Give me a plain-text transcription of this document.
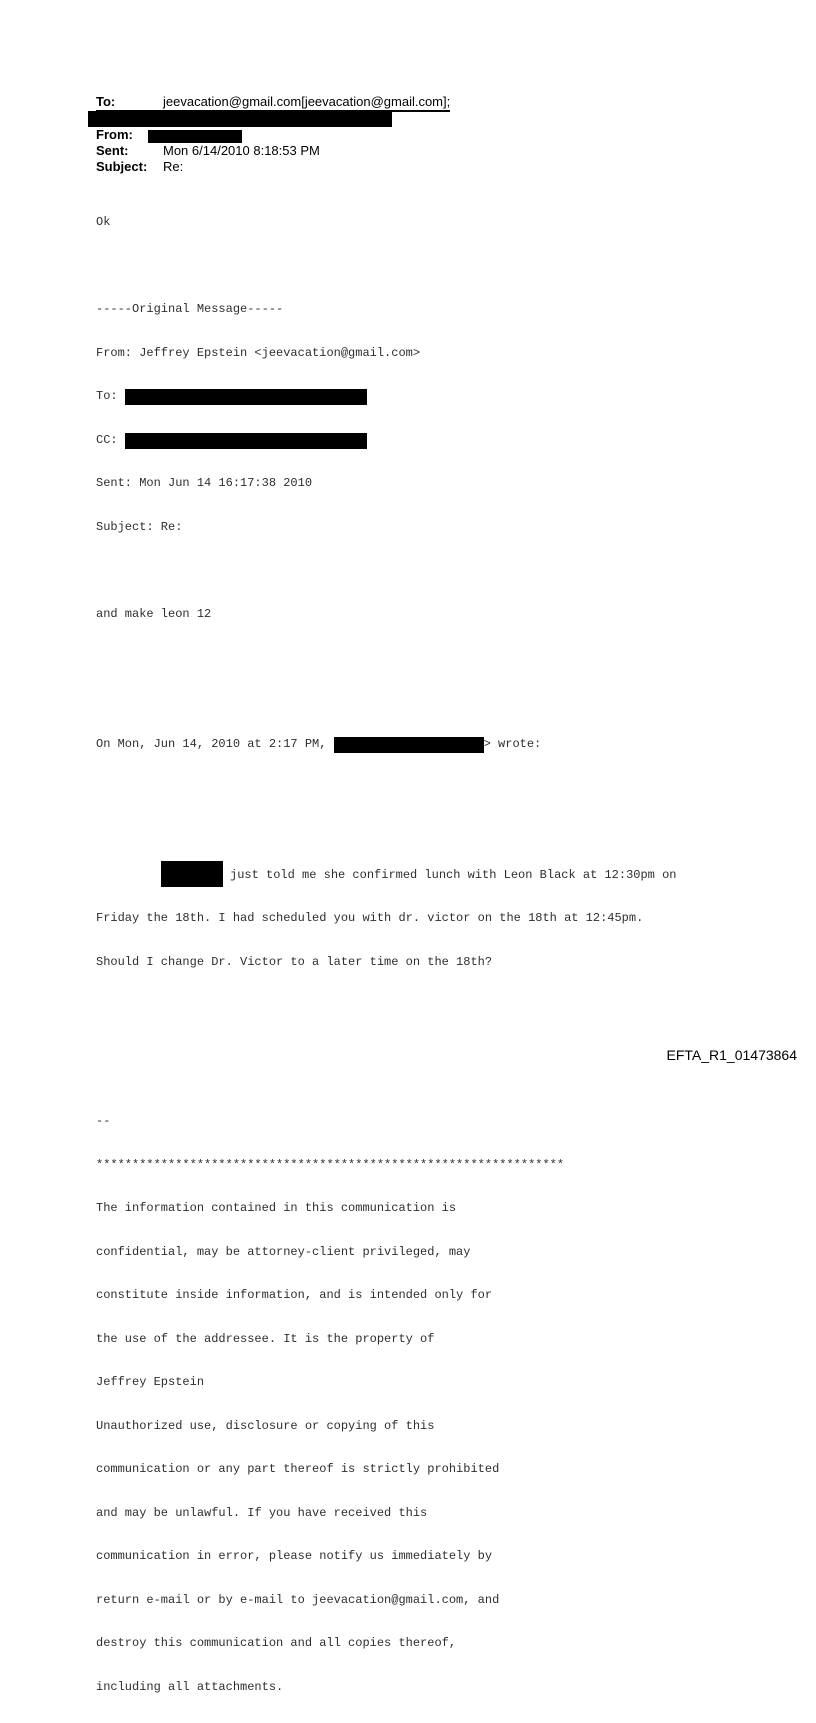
To:	jeevacation@gmail.com[jeevacation@gmail.com];
From:
Sent:	Mon 6/14/2010 8:18:53 PM
Subject: Re:

Ok

-----Original Message-----

From: Jeffrey Epstein <jeevacation@gmail.com>

To:

CC:

Sent: Mon Jun 14 16:17:38 2010

Subject: Re:

and make leon 12

On Mon, Jun 14, 2010 at 2:17 PM,	> wrote:

just told me she confirmed lunch with Leon Black at 12:30pm on

Friday the 18th. I had scheduled you with dr. victor on the 18th at 12:45pm.

Should I change Dr. Victor to a later time on the 18th?

--

*****************************************************************

The information contained in this communication is

confidential, may be attorney-client privileged, may

constitute inside information, and is intended only for

the use of the addressee. It is the property of

Jeffrey Epstein

Unauthorized use, disclosure or copying of this

communication or any part thereof is strictly prohibited

and may be unlawful. If you have received this

communication in error, please notify us immediately by

return e-mail or by e-mail to jeevacation@gmail.com, and

destroy this communication and all copies thereof,

including all attachments.

EFTA_R1_01473864
